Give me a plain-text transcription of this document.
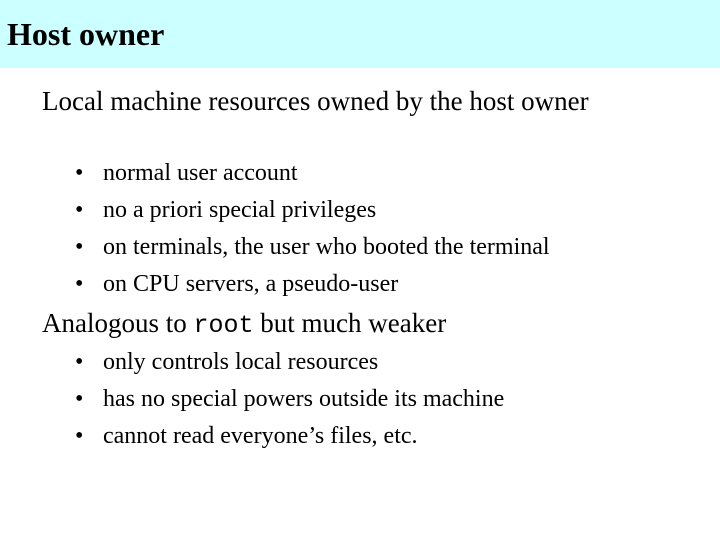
Host owner

Local machine resources owned by the host owner

• normal user account
• no a priori special privileges
• on terminals, the user who booted the terminal
• on CPU servers, a pseudo-user

Analogous to root but much weaker

• only controls local resources
• has no special powers outside its machine
• cannot read everyone’s files, etc.
